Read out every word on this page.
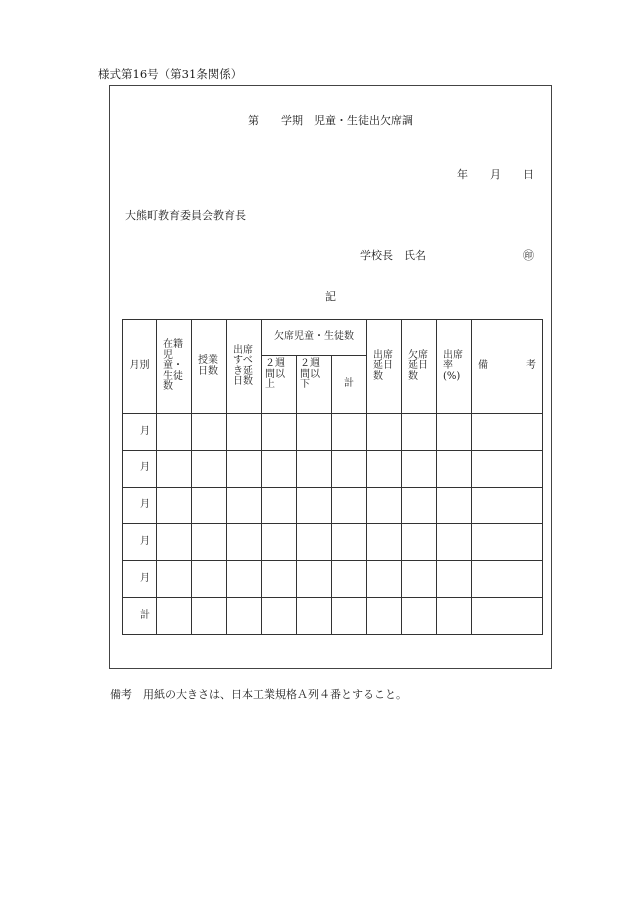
様式第16号（第31条関係）
第　　学期　児童・生徒出欠席調
年　　月　　日
大熊町教育委員会教育長
学校長　氏名	㊞
記
月別	在籍児童・生徒数	授業日数	出席すべき延日数	欠席児童・生徒数			出席延日数	欠席延日数	出席率(%)	備 考

				２週間以上	２週間以下	計				
月										
月										
月										
月										
月										
計										
備考　用紙の大きさは、日本工業規格Ａ列４番とすること。
